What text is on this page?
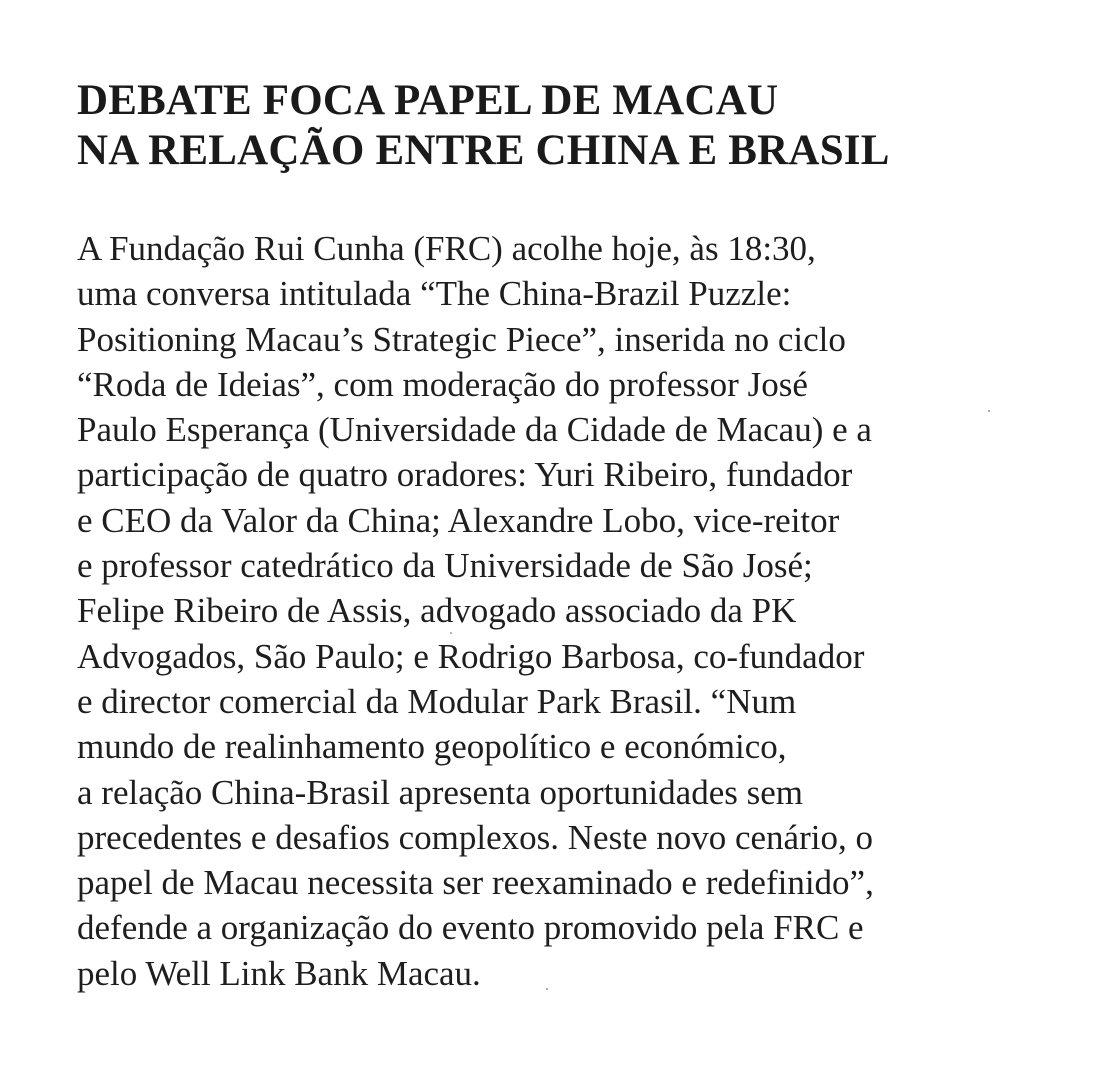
DEBATE FOCA PAPEL DE MACAU
NA RELAÇÃO ENTRE CHINA E BRASIL
A Fundação Rui Cunha (FRC) acolhe hoje, às 18:30,
uma conversa intitulada “The China-Brazil Puzzle:
Positioning Macau’s Strategic Piece”, inserida no ciclo
“Roda de Ideias”, com moderação do professor José
Paulo Esperança (Universidade da Cidade de Macau) e a
participação de quatro oradores: Yuri Ribeiro, fundador
e CEO da Valor da China; Alexandre Lobo, vice-reitor
e professor catedrático da Universidade de São José;
Felipe Ribeiro de Assis, advogado associado da PK
Advogados, São Paulo; e Rodrigo Barbosa, co-fundador
e director comercial da Modular Park Brasil. “Num
mundo de realinhamento geopolítico e económico,
a relação China-Brasil apresenta oportunidades sem
precedentes e desafios complexos. Neste novo cenário, o
papel de Macau necessita ser reexaminado e redefinido”,
defende a organização do evento promovido pela FRC e
pelo Well Link Bank Macau.
